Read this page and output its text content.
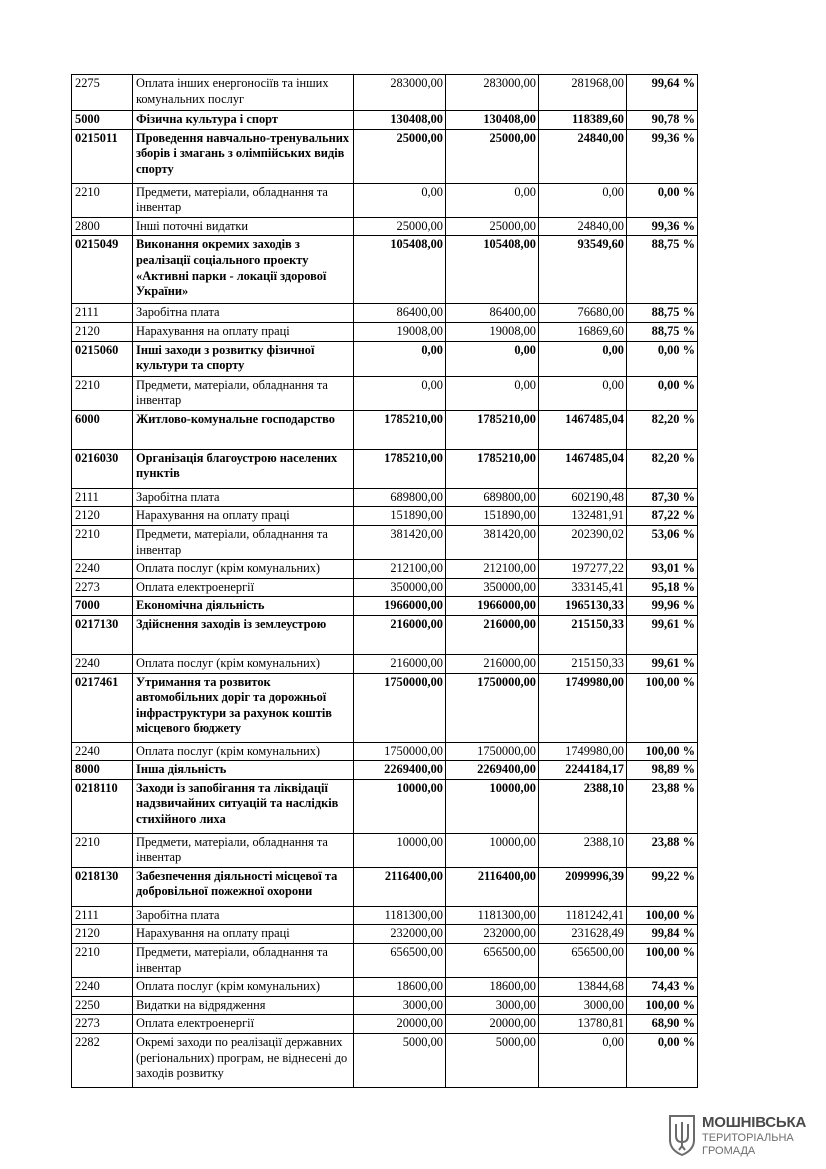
2275	Оплата інших енергоносіїв та інших комунальних послуг	283000,00	283000,00	281968,00	99,64 %
5000	Фізична культура і спорт	130408,00	130408,00	118389,60	90,78 %
0215011	Проведення навчально-тренувальних зборів і змагань з олімпійських видів спорту	25000,00	25000,00	24840,00	99,36 %
2210	Предмети, матеріали, обладнання та інвентар	0,00	0,00	0,00	0,00 %
2800	Інші поточні видатки	25000,00	25000,00	24840,00	99,36 %
0215049	Виконання окремих заходів з реалізації соціального проекту «Активні парки - локації здорової України»	105408,00	105408,00	93549,60	88,75 %
2111	Заробітна плата	86400,00	86400,00	76680,00	88,75 %
2120	Нарахування на оплату праці	19008,00	19008,00	16869,60	88,75 %
0215060	Інші заходи з розвитку фізичної культури та спорту	0,00	0,00	0,00	0,00 %
2210	Предмети, матеріали, обладнання та інвентар	0,00	0,00	0,00	0,00 %
6000	Житлово-комунальне господарство	1785210,00	1785210,00	1467485,04	82,20 %
0216030	Організація благоустрою населених пунктів	1785210,00	1785210,00	1467485,04	82,20 %
2111	Заробітна плата	689800,00	689800,00	602190,48	87,30 %
2120	Нарахування на оплату праці	151890,00	151890,00	132481,91	87,22 %
2210	Предмети, матеріали, обладнання та інвентар	381420,00	381420,00	202390,02	53,06 %
2240	Оплата послуг (крім комунальних)	212100,00	212100,00	197277,22	93,01 %
2273	Оплата електроенергії	350000,00	350000,00	333145,41	95,18 %
7000	Економічна діяльність	1966000,00	1966000,00	1965130,33	99,96 %
0217130	Здійснення заходів із землеустрою	216000,00	216000,00	215150,33	99,61 %
2240	Оплата послуг (крім комунальних)	216000,00	216000,00	215150,33	99,61 %
0217461	Утримання та розвиток автомобільних доріг та дорожньої інфраструктури за рахунок коштів місцевого бюджету	1750000,00	1750000,00	1749980,00	100,00 %
2240	Оплата послуг (крім комунальних)	1750000,00	1750000,00	1749980,00	100,00 %
8000	Інша діяльність	2269400,00	2269400,00	2244184,17	98,89 %
0218110	Заходи із запобігання та ліквідації надзвичайних ситуацій та наслідків стихійного лиха	10000,00	10000,00	2388,10	23,88 %
2210	Предмети, матеріали, обладнання та інвентар	10000,00	10000,00	2388,10	23,88 %
0218130	Забезпечення діяльності місцевої та добровільної пожежної охорони	2116400,00	2116400,00	2099996,39	99,22 %
2111	Заробітна плата	1181300,00	1181300,00	1181242,41	100,00 %
2120	Нарахування на оплату праці	232000,00	232000,00	231628,49	99,84 %
2210	Предмети, матеріали, обладнання та інвентар	656500,00	656500,00	656500,00	100,00 %
2240	Оплата послуг (крім комунальних)	18600,00	18600,00	13844,68	74,43 %
2250	Видатки на відрядження	3000,00	3000,00	3000,00	100,00 %
2273	Оплата електроенергії	20000,00	20000,00	13780,81	68,90 %
2282	Окремі заходи по реалізації державних (регіональних) програм, не віднесені до заходів розвитку	5000,00	5000,00	0,00	0,00 %
МОШНІВСЬКА
ТЕРИТОРІАЛЬНА
ГРОМАДА
